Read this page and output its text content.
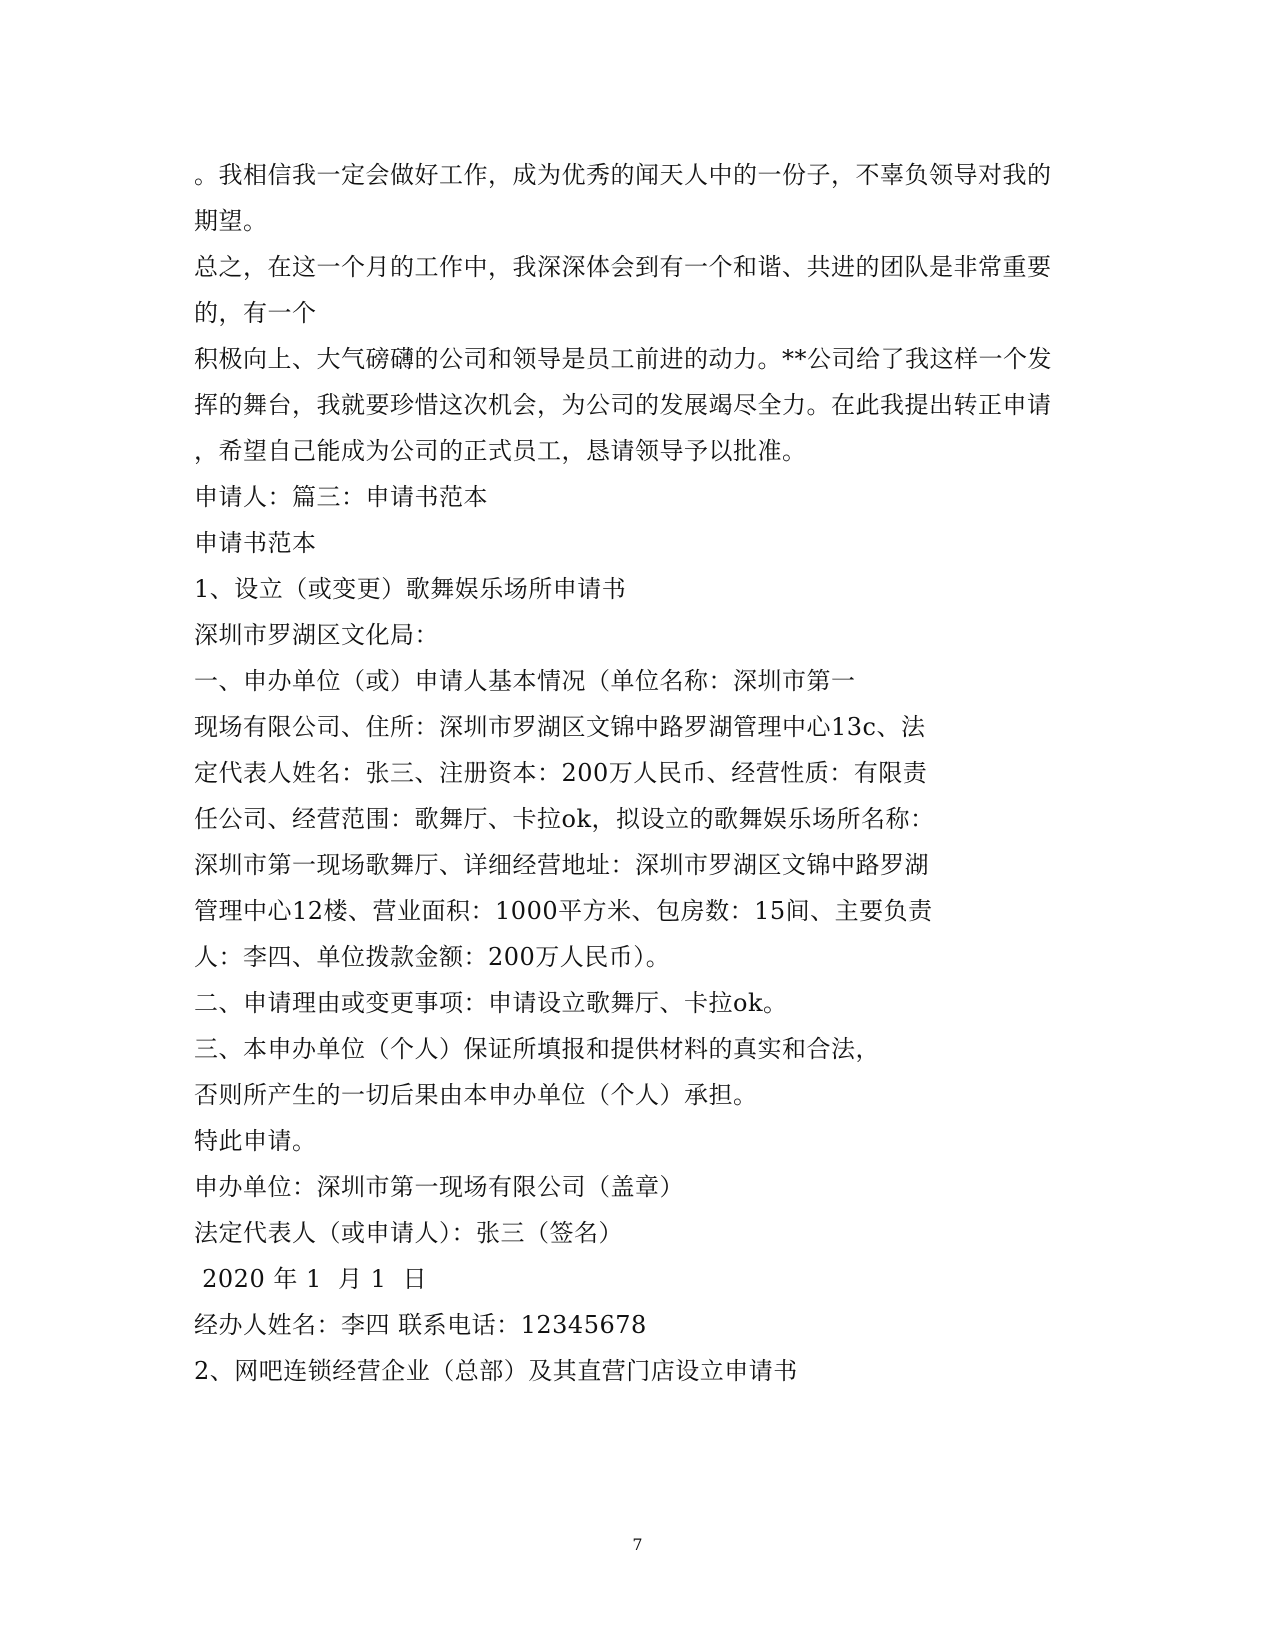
。我相信我一定会做好工作，成为优秀的闻天人中的一份子，不辜负领导对我的
期望。
总之，在这一个月的工作中，我深深体会到有一个和谐、共进的团队是非常重要
的，有一个
积极向上、大气磅礴的公司和领导是员工前进的动力。**公司给了我这样一个发
挥的舞台，我就要珍惜这次机会，为公司的发展竭尽全力。在此我提出转正申请
，希望自己能成为公司的正式员工，恳请领导予以批准。
申请人：篇三：申请书范本
申请书范本
1、设立（或变更）歌舞娱乐场所申请书
深圳市罗湖区文化局：
一、申办单位（或）申请人基本情况（单位名称：深圳市第一
现场有限公司、住所：深圳市罗湖区文锦中路罗湖管理中心13c、法
定代表人姓名：张三、注册资本：200万人民币、经营性质：有限责
任公司、经营范围：歌舞厅、卡拉ok，拟设立的歌舞娱乐场所名称：
深圳市第一现场歌舞厅、详细经营地址：深圳市罗湖区文锦中路罗湖
管理中心12楼、营业面积：1000平方米、包房数：15间、主要负责
人：李四、单位拨款金额：200万人民币）。
二、申请理由或变更事项：申请设立歌舞厅、卡拉ok。
三、本申办单位（个人）保证所填报和提供材料的真实和合法，
否则所产生的一切后果由本申办单位（个人）承担。
特此申请。
申办单位：深圳市第一现场有限公司（盖章）
法定代表人（或申请人）：张三（签名）
2020 年 1  月 1  日
经办人姓名：李四 联系电话：12345678
2、网吧连锁经营企业（总部）及其直营门店设立申请书
7
